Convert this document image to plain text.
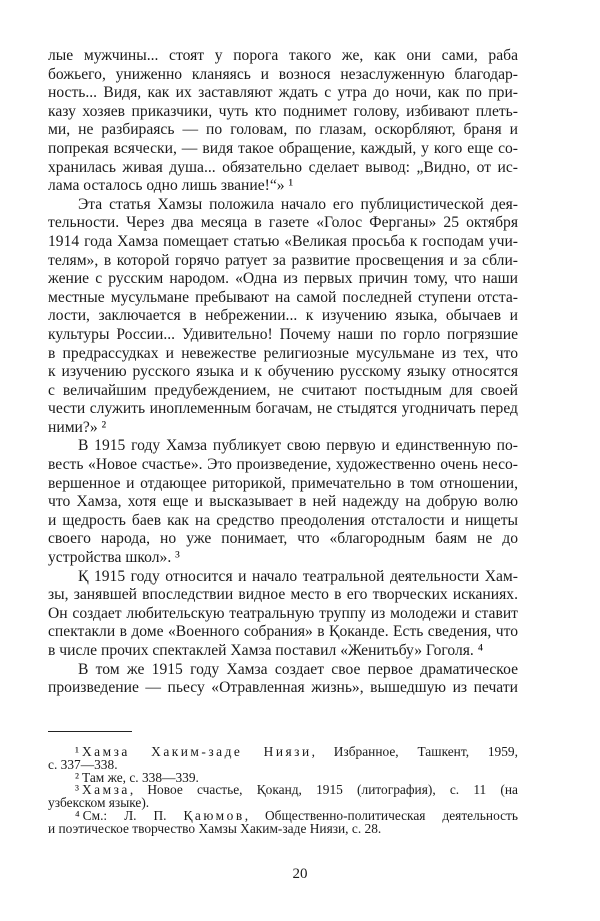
лые мужчины... стоят у порога такого же, как они сами, раба
божьего, униженно кланяясь и вознося незаслуженную благодар-
ность... Видя, как их заставляют ждать с утра до ночи, как по при-
казу хозяев приказчики, чуть кто поднимет голову, избивают плеть-
ми, не разбираясь — по головам, по глазам, оскорбляют, браня и
попрекая всячески, — видя такое обращение, каждый, у кого еще со-
хранилась живая душа... обязательно сделает вывод: „Видно, от ис-
лама осталось одно лишь звание!“» ¹
Эта статья Хамзы положила начало его публицистической дея-
тельности. Через два месяца в газете «Голос Ферганы» 25 октября
1914 года Хамза помещает статью «Великая просьба к господам учи-
телям», в которой горячо ратует за развитие просвещения и за сбли-
жение с русским народом. «Одна из первых причин тому, что наши
местные мусульмане пребывают на самой последней ступени отста-
лости, заключается в небрежении... к изучению языка, обычаев и
культуры России... Удивительно! Почему наши по горло погрязшие
в предрассудках и невежестве религиозные мусульмане из тех, что
к изучению русского языка и к обучению русскому языку относятся
с величайшим предубеждением, не считают постыдным для своей
чести служить иноплеменным богачам, не стыдятся угодничать перед
ними?» ²
В 1915 году Хамза публикует свою первую и единственную по-
весть «Новое счастье». Это произведение, художественно очень несо-
вершенное и отдающее риторикой, примечательно в том отношении,
что Хамза, хотя еще и высказывает в ней надежду на добрую волю
и щедрость баев как на средство преодоления отсталости и нищеты
своего народа, но уже понимает, что «благородным баям не до
устройства школ». ³
Қ 1915 году относится и начало театральной деятельности Хам-
зы, занявшей впоследствии видное место в его творческих исканиях.
Он создает любительскую театральную труппу из молодежи и ставит
спектакли в доме «Военного собрания» в Қоканде. Есть сведения, что
в числе прочих спектаклей Хамза поставил «Женитьбу» Гоголя. ⁴
В том же 1915 году Хамза создает свое первое драматическое
произведение — пьесу «Отравленная жизнь», вышедшую из печати
¹ Хамза Хаким-заде Ниязи, Избранное, Ташкент, 1959,
с. 337—338.
² Там же, с. 338—339.
³ Хамза, Новое счастье, Қоканд, 1915 (литография), с. 11 (на
узбекском языке).
⁴ См.: Л. П. Қаюмов, Общественно-политическая деятельность
и поэтическое творчество Хамзы Хаким-заде Ниязи, с. 28.
20
